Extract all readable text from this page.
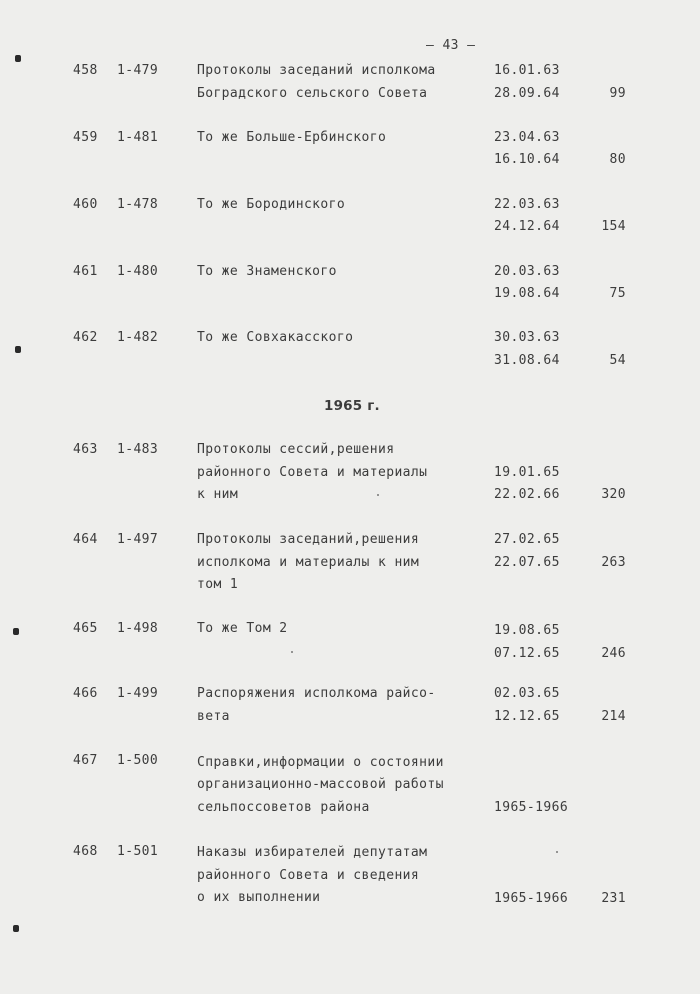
– 43 –
1965 г.
458 1-479	Протоколы заседаний исполкома
Боградского сельского Совета
16.01.63
28.09.64	99
459 1-481	То же Больше-Ербинского	23.04.63
16.10.64	80
460 1-478	То же Бородинского	22.03.63
24.12.64	154
461 1-480	То же Знаменского	20.03.63
19.08.64	75
462 1-482	То же Совхакасского	30.03.63
31.08.64	54
463 1-483	Протоколы сессий,решения
районного Совета и материалы
к ним
19.01.65
22.02.66	320
464 1-497	Протоколы заседаний,решения
исполкома и материалы к ним
том 1
27.02.65
22.07.65	263
465 1-498	То же Том 2	19.08.65
07.12.65	246
466 1-499	Распоряжения исполкома райсо-
вета
02.03.65
12.12.65	214
467 1-500	Справки,информации о состоянии
организационно-массовой работы
сельпоссоветов района	1965-1966
468 1-501	Наказы избирателей депутатам
районного Совета и сведения
о их выполнении	1965-1966	231
